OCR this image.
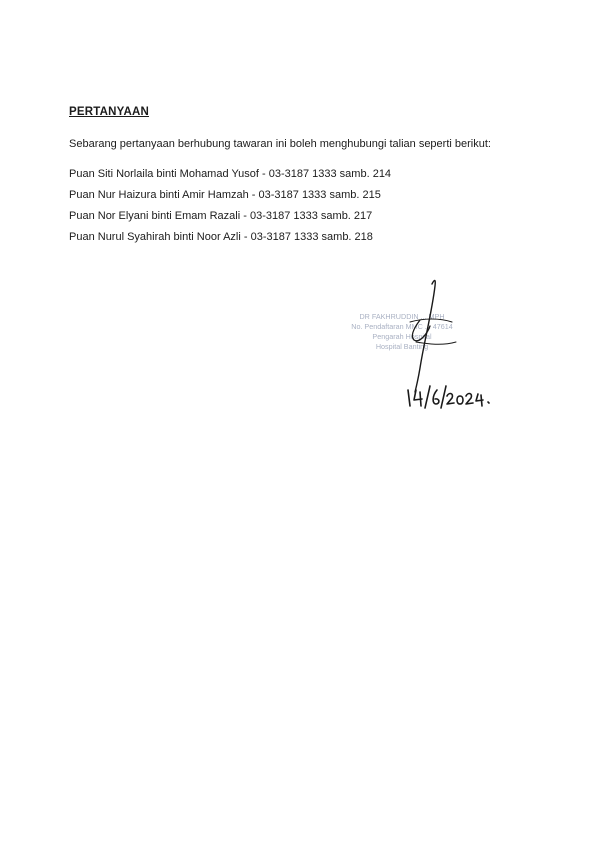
PERTANYAAN

Sebarang pertanyaan berhubung tawaran ini boleh menghubungi talian seperti berikut:

Puan Siti Norlaila binti Mohamad Yusof - 03-3187 1333 samb. 214
Puan Nur Haizura binti Amir Hamzah - 03-3187 1333 samb. 215
Puan Nor Elyani binti Emam Razali - 03-3187 1333 samb. 217
Puan Nurul Syahirah binti Noor Azli - 03-3187 1333 samb. 218
DR FAKHRUDDIN ... MPH
No. Pendaftaran MMC ... 47614
Pengarah Hospital
Hospital Banting
